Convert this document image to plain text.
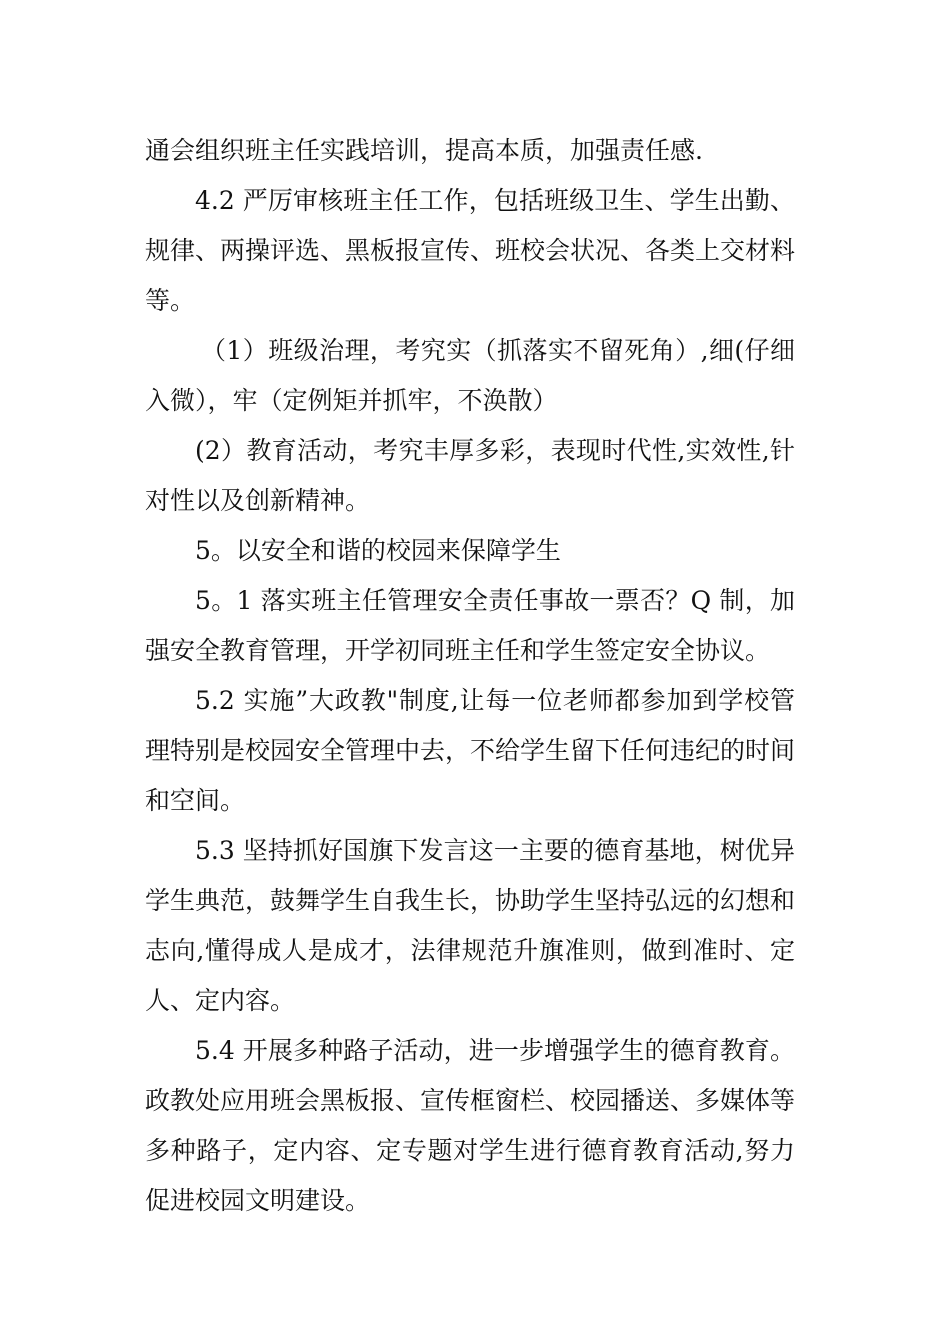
通会组织班主任实践培训，提高本质，加强责任感.

4.2 严厉审核班主任工作，包括班级卫生、学生出勤、规律、两操评选、黑板报宣传、班校会状况、各类上交材料等。

（1）班级治理，考究实（抓落实不留死角）,细(仔细入微），牢（定例矩并抓牢，不涣散）

(2）教育活动，考究丰厚多彩，表现时代性,实效性,针对性以及创新精神。

5。以安全和谐的校园来保障学生

5。1 落实班主任管理安全责任事故一票否？Q 制，加强安全教育管理，开学初同班主任和学生签定安全协议。

5.2 实施”大政教"制度,让每一位老师都参加到学校管理特别是校园安全管理中去，不给学生留下任何违纪的时间和空间。

5.3 坚持抓好国旗下发言这一主要的德育基地，树优异学生典范，鼓舞学生自我生长，协助学生坚持弘远的幻想和志向,懂得成人是成才，法律规范升旗准则，做到准时、定人、定内容。

5.4 开展多种路子活动，进一步增强学生的德育教育。政教处应用班会黑板报、宣传框窗栏、校园播送、多媒体等多种路子，定内容、定专题对学生进行德育教育活动,努力促进校园文明建设。
